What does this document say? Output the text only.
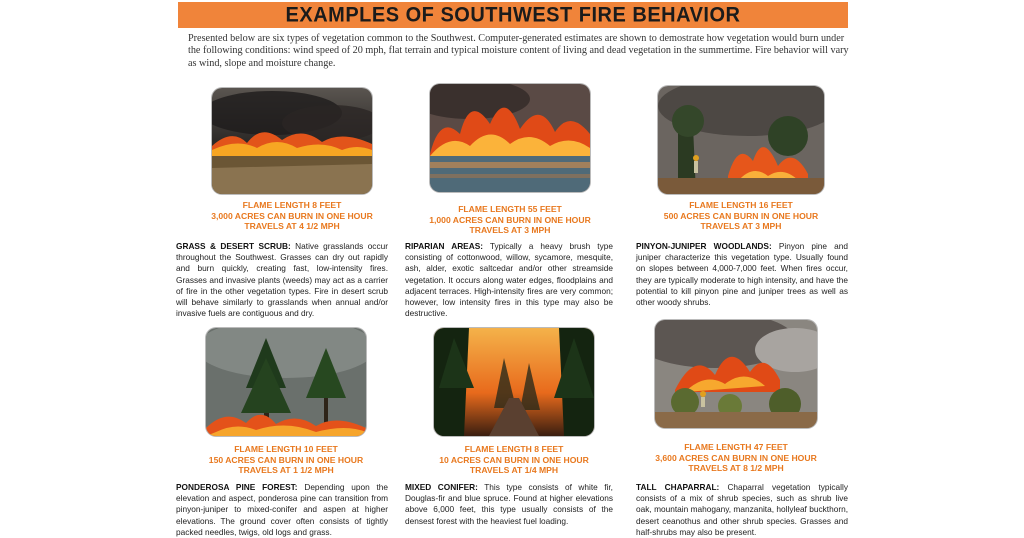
EXAMPLES OF SOUTHWEST FIRE BEHAVIOR

Presented below are six types of vegetation common to the Southwest. Computer-generated estimates are shown to demostrate how vegetation would burn under the following conditions: wind speed of 20 mph, flat terrain and typical moisture content of living and dead vegetation in the summertime. Fire behavior will vary as wind, slope and moisture change.

FLAME LENGTH 8 FEET
3,000 ACRES CAN BURN IN ONE HOUR
TRAVELS AT 4 1/2 MPH

GRASS & DESERT SCRUB: Native grasslands occur throughout the Southwest. Grasses can dry out rapidly and burn quickly, creating fast, low-intensity fires. Grasses and invasive plants (weeds) may act as a carrier of fire in the other vegetation types. Fire in desert scrub will behave similarly to grasslands when annual and/or invasive fuels are contiguous and dry.

FLAME LENGTH 55 FEET
1,000 ACRES CAN BURN IN ONE HOUR
TRAVELS AT 3 MPH

RIPARIAN AREAS: Typically a heavy brush type consisting of cottonwood, willow, sycamore, mesquite, ash, alder, exotic saltcedar and/or other streamside vegetation. It occurs along water edges, floodplains and adjacent terraces. High-intensity fires are very common; however, low intensity fires in this type may also be destructive.

FLAME LENGTH 16 FEET
500 ACRES CAN BURN IN ONE HOUR
TRAVELS AT 3 MPH

PINYON-JUNIPER WOODLANDS: Pinyon pine and juniper characterize this vegetation type. Usually found on slopes between 4,000-7,000 feet. When fires occur, they are typically moderate to high intensity, and have the potential to kill pinyon pine and juniper trees as well as other woody shrubs.

FLAME LENGTH 10 FEET
150 ACRES CAN BURN IN ONE HOUR
TRAVELS AT 1 1/2 MPH

PONDEROSA PINE FOREST: Depending upon the elevation and aspect, ponderosa pine can transition from pinyon-juniper to mixed-conifer and aspen at higher elevations. The ground cover often consists of tightly packed needles, twigs, old logs and grass.

FLAME LENGTH 8 FEET
10 ACRES CAN BURN IN ONE HOUR
TRAVELS AT 1/4 MPH

MIXED CONIFER: This type consists of white fir, Douglas-fir and blue spruce. Found at higher elevations above 6,000 feet, this type usually consists of the densest forest with the heaviest fuel loading.

FLAME LENGTH 47 FEET
3,600 ACRES CAN BURN IN ONE HOUR
TRAVELS AT 8 1/2 MPH

TALL CHAPARRAL: Chaparral vegetation typically consists of a mix of shrub species, such as shrub live oak, mountain mahogany, manzanita, hollyleaf buckthorn, desert ceanothus and other shrub species. Grasses and half-shrubs may also be present.
